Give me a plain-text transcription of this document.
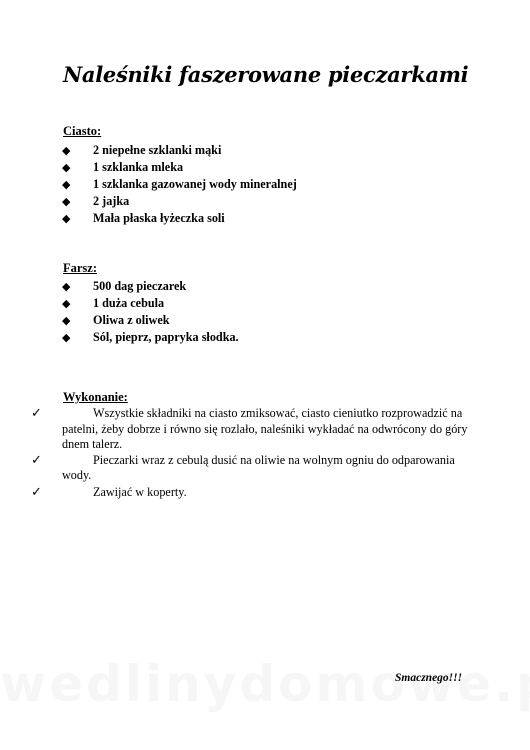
Naleśniki faszerowane pieczarkami
Ciasto:
◆ 2 niepełne szklanki mąki
◆ 1 szklanka mleka
◆ 1 szklanka gazowanej wody mineralnej
◆ 2 jajka
◆ Mała płaska łyżeczka soli
Farsz:
◆ 500 dag pieczarek
◆ 1 duża cebula
◆ Oliwa z oliwek
◆ Sól, pieprz, papryka słodka.
Wykonanie:

✓	Wszystkie składniki na ciasto zmiksować, ciasto cieniutko rozprowadzić na patelni, żeby dobrze i równo się rozlało, naleśniki wykładać na odwrócony do góry dnem talerz.

✓	Pieczarki wraz z cebulą dusić na oliwie na wolnym ogniu do odparowania wody.

✓	Zawijać w koperty.

Smacznego!!!
